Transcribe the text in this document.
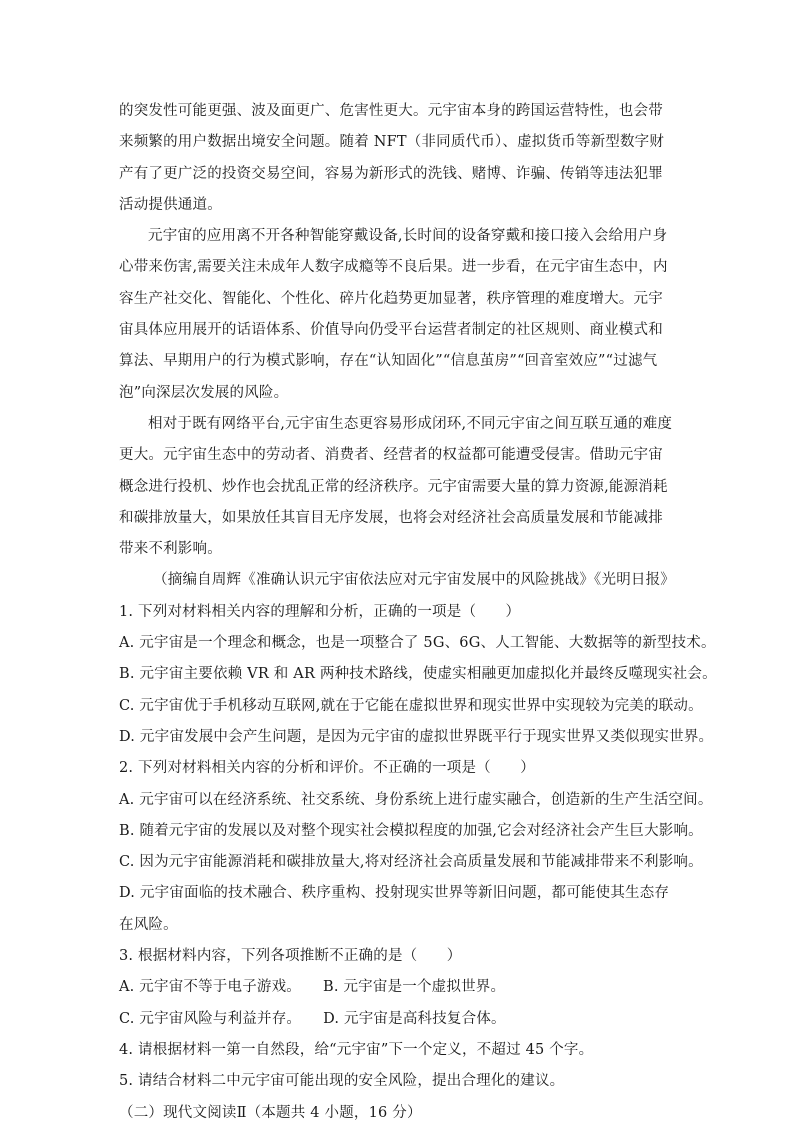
的突发性可能更强、波及面更广、危害性更大。元宇宙本身的跨国运营特性，也会带来频繁的用户数据出境安全问题。随着 NFT（非同质代币）、虚拟货币等新型数字财产有了更广泛的投资交易空间，容易为新形式的洗钱、赌博、诈骗、传销等违法犯罪活动提供通道。

元宇宙的应用离不开各种智能穿戴设备,长时间的设备穿戴和接口接入会给用户身心带来伤害,需要关注未成年人数字成瘾等不良后果。进一步看，在元宇宙生态中，内容生产社交化、智能化、个性化、碎片化趋势更加显著，秩序管理的难度增大。元宇宙具体应用展开的话语体系、价值导向仍受平台运营者制定的社区规则、商业模式和算法、早期用户的行为模式影响，存在“认知固化”“信息茧房”“回音室效应”“过滤气泡”向深层次发展的风险。

相对于既有网络平台,元宇宙生态更容易形成闭环,不同元宇宙之间互联互通的难度更大。元宇宙生态中的劳动者、消费者、经营者的权益都可能遭受侵害。借助元宇宙概念进行投机、炒作也会扰乱正常的经济秩序。元宇宙需要大量的算力资源,能源消耗和碳排放量大，如果放任其盲目无序发展，也将会对经济社会高质量发展和节能减排带来不利影响。

（摘编自周辉《准确认识元宇宙依法应对元宇宙发展中的风险挑战》《光明日报》

1. 下列对材料相关内容的理解和分析，正确的一项是（　　）

A. 元宇宙是一个理念和概念，也是一项整合了 5G、6G、人工智能、大数据等的新型技术。

B. 元宇宙主要依赖 VR 和 AR 两种技术路线，使虚实相融更加虚拟化并最终反噬现实社会。

C. 元宇宙优于手机移动互联网,就在于它能在虚拟世界和现实世界中实现较为完美的联动。

D. 元宇宙发展中会产生问题，是因为元宇宙的虚拟世界既平行于现实世界又类似现实世界。

2. 下列对材料相关内容的分析和评价。不正确的一项是（　　）

A. 元宇宙可以在经济系统、社交系统、身份系统上进行虚实融合，创造新的生产生活空间。

B. 随着元宇宙的发展以及对整个现实社会模拟程度的加强,它会对经济社会产生巨大影响。

C. 因为元宇宙能源消耗和碳排放量大,将对经济社会高质量发展和节能减排带来不利影响。

D. 元宇宙面临的技术融合、秩序重构、投射现实世界等新旧问题，都可能使其生态存在风险。

3. 根据材料内容，下列各项推断不正确的是（　　）

A. 元宇宙不等于电子游戏。 B. 元宇宙是一个虚拟世界。

C. 元宇宙风险与利益并存。 D. 元宇宙是高科技复合体。

4. 请根据材料一第一自然段，给“元宇宙”下一个定义，不超过 45 个字。

5. 请结合材料二中元宇宙可能出现的安全风险，提出合理化的建议。

（二）现代文阅读Ⅱ（本题共 4 小题，16 分）
